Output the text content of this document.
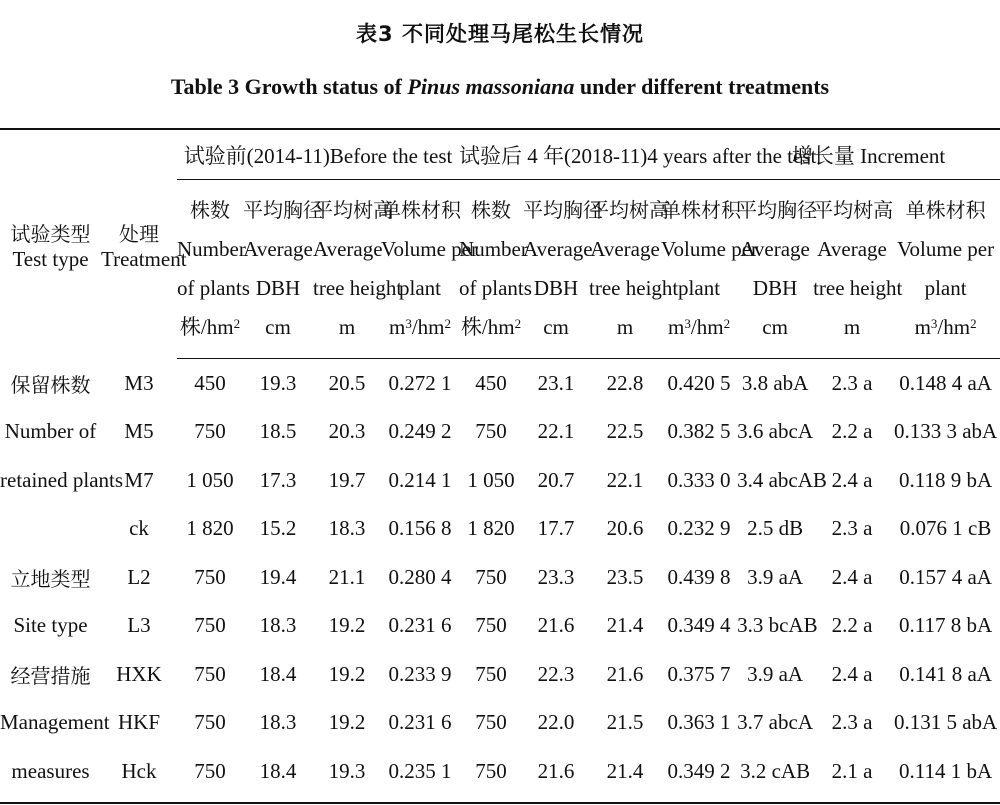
表3 不同处理马尾松生长情况
Table 3 Growth status of Pinus massoniana under different treatments
试验类型
Test type	处理
Treatment	试验前(2014-11)Before the test				试验后 4 年(2018-11)4 years after the test				增长量 Increment		

		株数
Number
of plants
株$/hm^2$	平均胸径
Average
DBH
cm	平均树高
Average
tree height
m	单株材积
Volume per
plant
$m^3/hm^2$	株数
Number
of plants
株$/hm^2$	平均胸径
Average
DBH
cm	平均树高
Average
tree height
m	单株材积
Volume per
plant
$m^3/hm^2$	平均胸径
Average
DBH
cm	平均树高
Average
tree height
m	单株材积
Volume per
plant
$m^3/hm^2$

保留株数	M3	450	19.3	20.5	0.272 1	450	23.1	22.8	0.420 5	3.8 abA	2.3 a	0.148 4 aA
Number of	M5	750	18.5	20.3	0.249 2	750	22.1	22.5	0.382 5	3.6 abcA	2.2 a	0.133 3 abA
retained plants	M7	1 050	17.3	19.7	0.214 1	1 050	20.7	22.1	0.333 0	3.4 abcAB	2.4 a	0.118 9 bA
	ck	1 820	15.2	18.3	0.156 8	1 820	17.7	20.6	0.232 9	2.5 dB	2.3 a	0.076 1 cB
立地类型	L2	750	19.4	21.1	0.280 4	750	23.3	23.5	0.439 8	3.9 aA	2.4 a	0.157 4 aA
Site type	L3	750	18.3	19.2	0.231 6	750	21.6	21.4	0.349 4	3.3 bcAB	2.2 a	0.117 8 bA
经营措施	HXK	750	18.4	19.2	0.233 9	750	22.3	21.6	0.375 7	3.9 aA	2.4 a	0.141 8 aA
Management	HKF	750	18.3	19.2	0.231 6	750	22.0	21.5	0.363 1	3.7 abcA	2.3 a	0.131 5 abA
measures	Hck	750	18.4	19.3	0.235 1	750	21.6	21.4	0.349 2	3.2 cAB	2.1 a	0.114 1 bA
